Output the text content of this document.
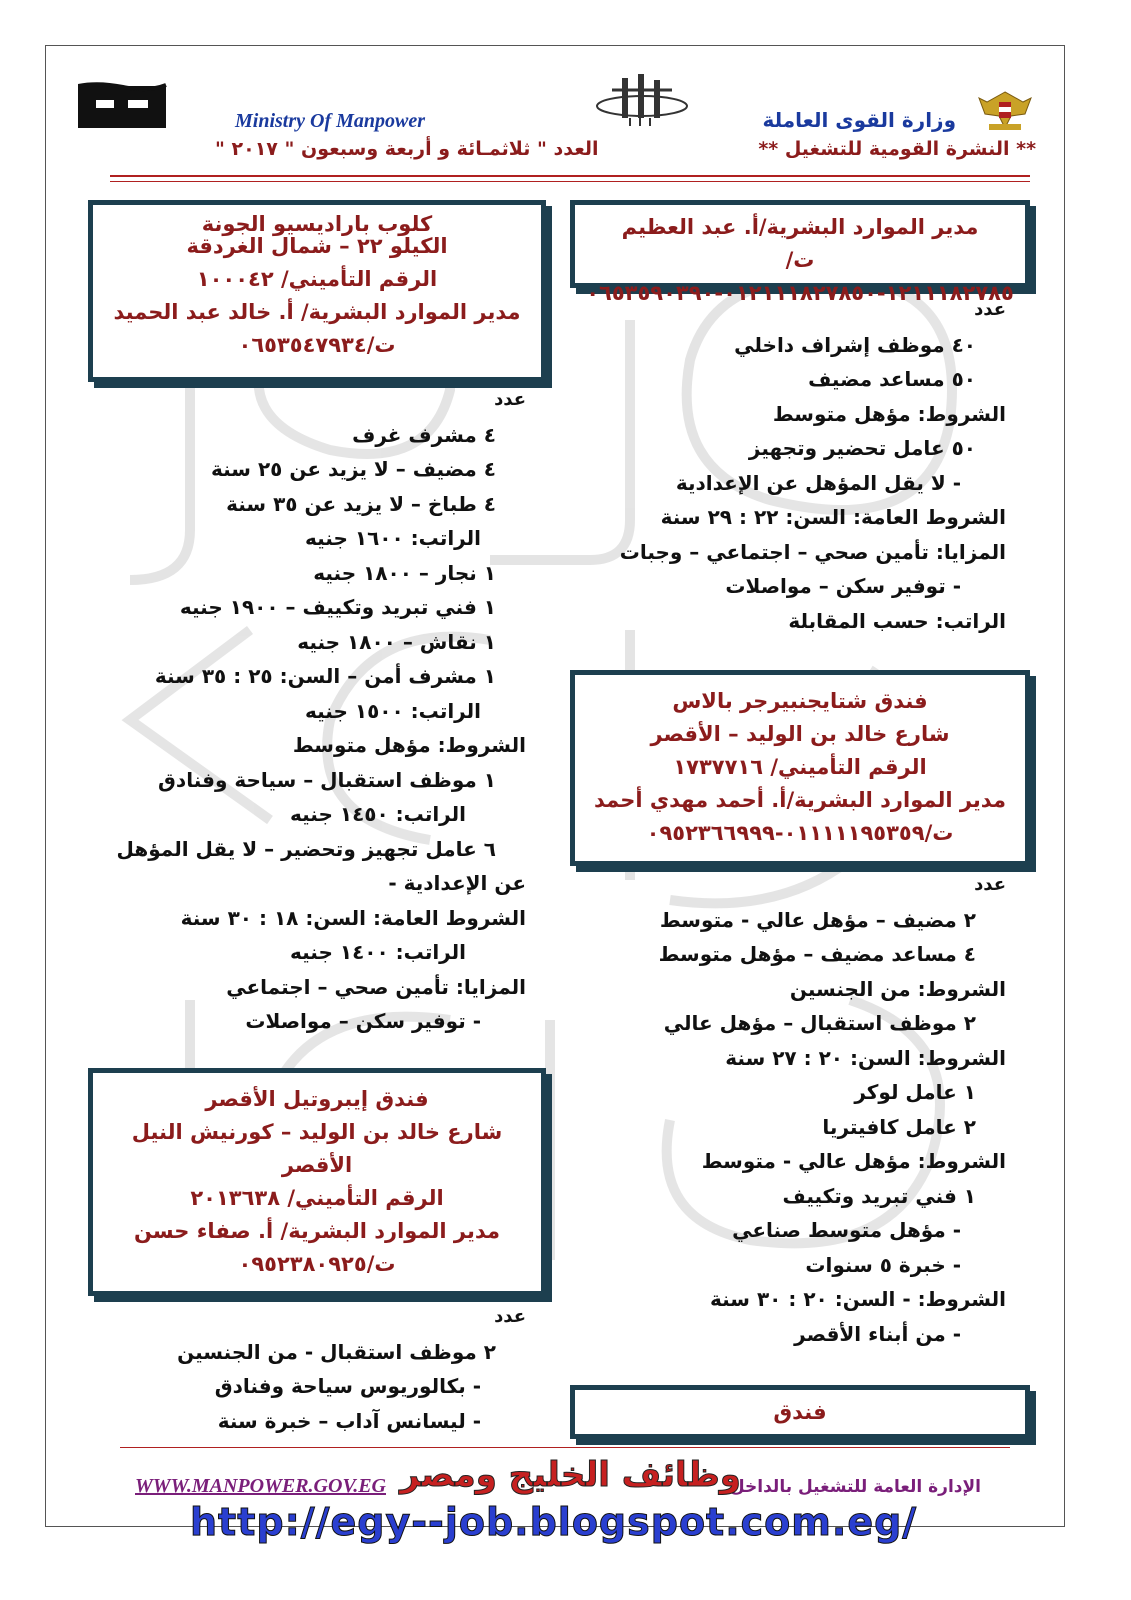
وزارة القوى العاملة
** النشرة القومية للتشغيل **
Ministry Of Manpower
العدد " ثلاثمـائة و أربعة وسبعون " ٢٠١٧ "
مدير الموارد البشرية/أ. عبد العظيم
ت/١٢١١١٨٢٧٨٥-٠١٢١١١٨٢٧٨٥٠-٠٦٥٣٥٩٠٣٩٠
كلوب باراديسيو الجونة
الكيلو ٢٢ – شمال الغردقة
الرقم التأميني/ ١٠٠٠٤٢
مدير الموارد البشرية/ أ. خالد عبد الحميد
ت/٠٦٥٣٥٤٧٩٣٤
عدد
٤٠ موظف إشراف داخلي
٥٠ مساعد مضيف
الشروط: مؤهل متوسط
٥٠ عامل تحضير وتجهيز
- لا يقل المؤهل عن الإعدادية
الشروط العامة: السن: ٢٢ : ٢٩ سنة
المزايا: تأمين صحي – اجتماعي – وجبات
- توفير سكن – مواصلات
الراتب: حسب المقابلة
عدد
٤ مشرف غرف
٤ مضيف – لا يزيد عن ٢٥ سنة
٤ طباخ – لا يزيد عن ٣٥ سنة
الراتب: ١٦٠٠ جنيه
١ نجار – ١٨٠٠ جنيه
١ فني تبريد وتكييف – ١٩٠٠ جنيه
١ نقاش – ١٨٠٠ جنيه
١ مشرف أمن – السن: ٢٥ : ٣٥ سنة
الراتب: ١٥٠٠ جنيه
الشروط: مؤهل متوسط
١ موظف استقبال – سياحة وفنادق
الراتب: ١٤٥٠ جنيه
٦ عامل تجهيز وتحضير – لا يقل المؤهل
عن الإعدادية -
الشروط العامة: السن: ١٨ : ٣٠ سنة
الراتب: ١٤٠٠ جنيه
المزايا: تأمين صحي – اجتماعي
- توفير سكن – مواصلات
فندق شتايجنبيرجر بالاس
شارع خالد بن الوليد – الأقصر
الرقم التأميني/ ١٧٣٧٧١٦
مدير الموارد البشرية/أ. أحمد مهدي أحمد
ت/٠١١١١١٩٥٣٥٩-٠٩٥٢٣٦٦٩٩٩
عدد
٢ مضيف – مؤهل عالي - متوسط
٤ مساعد مضيف – مؤهل متوسط
الشروط: من الجنسين
٢ موظف استقبال – مؤهل عالي
الشروط: السن: ٢٠ : ٢٧ سنة
١ عامل لوكر
٢ عامل كافيتريا
الشروط: مؤهل عالي - متوسط
١ فني تبريد وتكييف
- مؤهل متوسط صناعي
- خبرة ٥ سنوات
الشروط: - السن: ٢٠ : ٣٠ سنة
- من أبناء الأقصر
فندق إيبروتيل الأقصر
شارع خالد بن الوليد – كورنيش النيل
الأقصر
الرقم التأميني/ ٢٠١٣٦٣٨
مدير الموارد البشرية/ أ. صفاء حسن
ت/٠٩٥٢٣٨٠٩٢٥
عدد
٢ موظف استقبال - من الجنسين
- بكالوريوس سياحة وفنادق
- ليسانس آداب – خبرة سنة	فندق
WWW.MANPOWER.GOV.EG	الإدارة العامة للتشغيل بالداخل
وظائف الخليج ومصر
http://egy--job.blogspot.com.eg/
